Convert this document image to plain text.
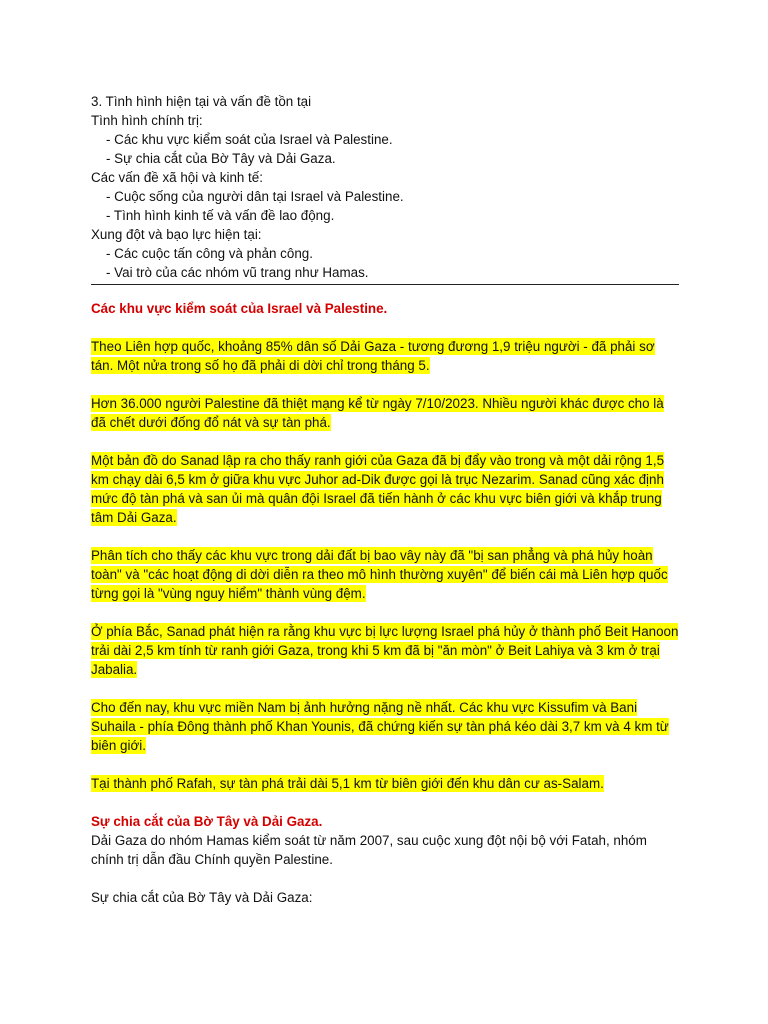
3. Tình hình hiện tại và vấn đề tồn tại
Tình hình chính trị:
- Các khu vực kiểm soát của Israel và Palestine.
- Sự chia cắt của Bờ Tây và Dải Gaza.
Các vấn đề xã hội và kinh tế:
- Cuộc sống của người dân tại Israel và Palestine.
- Tình hình kinh tế và vấn đề lao động.
Xung đột và bạo lực hiện tại:
- Các cuộc tấn công và phản công.
- Vai trò của các nhóm vũ trang như Hamas.
Các khu vực kiểm soát của Israel và Palestine.
Theo Liên hợp quốc, khoảng 85% dân số Dải Gaza - tương đương 1,9 triệu người - đã phải sơ tán. Một nửa trong số họ đã phải di dời chỉ trong tháng 5.
Hơn 36.000 người Palestine đã thiệt mạng kể từ ngày 7/10/2023. Nhiều người khác được cho là đã chết dưới đống đổ nát và sự tàn phá.
Một bản đồ do Sanad lập ra cho thấy ranh giới của Gaza đã bị đẩy vào trong và một dải rộng 1,5 km chạy dài 6,5 km ở giữa khu vực Juhor ad-Dik được gọi là trục Nezarim. Sanad cũng xác định mức độ tàn phá và san ủi mà quân đội Israel đã tiến hành ở các khu vực biên giới và khắp trung tâm Dải Gaza.
Phân tích cho thấy các khu vực trong dải đất bị bao vây này đã "bị san phẳng và phá hủy hoàn toàn" và "các hoạt động di dời diễn ra theo mô hình thường xuyên" để biến cái mà Liên hợp quốc từng gọi là "vùng nguy hiểm" thành vùng đệm.
Ở phía Bắc, Sanad phát hiện ra rằng khu vực bị lực lượng Israel phá hủy ở thành phố Beit Hanoon trải dài 2,5 km tính từ ranh giới Gaza, trong khi 5 km đã bị "ăn mòn" ở Beit Lahiya và 3 km ở trại Jabalia.
Cho đến nay, khu vực miền Nam bị ảnh hưởng nặng nề nhất. Các khu vực Kissufim và Bani Suhaila - phía Đông thành phố Khan Younis, đã chứng kiến sự tàn phá kéo dài 3,7 km và 4 km từ biên giới.
Tại thành phố Rafah, sự tàn phá trải dài 5,1 km từ biên giới đến khu dân cư as-Salam.
Sự chia cắt của Bờ Tây và Dải Gaza.
Dải Gaza do nhóm Hamas kiểm soát từ năm 2007, sau cuộc xung đột nội bộ với Fatah, nhóm chính trị dẫn đầu Chính quyền Palestine.
Sự chia cắt của Bờ Tây và Dải Gaza:
